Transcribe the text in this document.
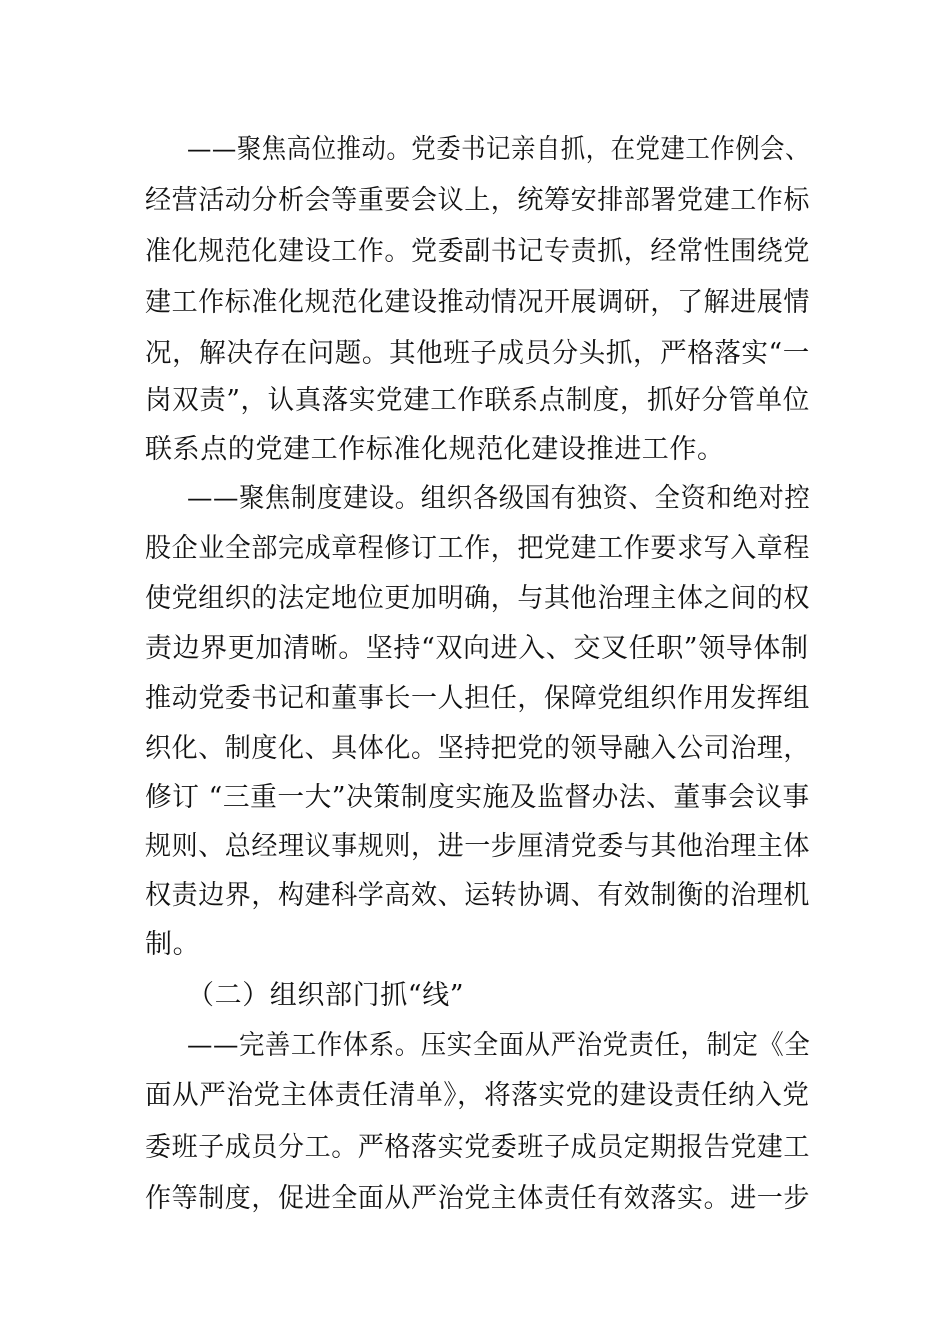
——聚焦高位推动。党委书记亲自抓，在党建工作例会、
经营活动分析会等重要会议上，统筹安排部署党建工作标
准化规范化建设工作。党委副书记专责抓，经常性围绕党
建工作标准化规范化建设推动情况开展调研，了解进展情
况，解决存在问题。其他班子成员分头抓，严格落实“一
岗双责”，认真落实党建工作联系点制度，抓好分管单位
联系点的党建工作标准化规范化建设推进工作。
——聚焦制度建设。组织各级国有独资、全资和绝对控
股企业全部完成章程修订工作，把党建工作要求写入章程
使党组织的法定地位更加明确，与其他治理主体之间的权
责边界更加清晰。坚持“双向进入、交叉任职”领导体制
推动党委书记和董事长一人担任，保障党组织作用发挥组
织化、制度化、具体化。坚持把党的领导融入公司治理，
修订 “三重一大”决策制度实施及监督办法、董事会议事
规则、总经理议事规则，进一步厘清党委与其他治理主体
权责边界，构建科学高效、运转协调、有效制衡的治理机
制。
（二）组织部门抓“线”
——完善工作体系。压实全面从严治党责任，制定《全
面从严治党主体责任清单》，将落实党的建设责任纳入党
委班子成员分工。严格落实党委班子成员定期报告党建工
作等制度，促进全面从严治党主体责任有效落实。进一步
